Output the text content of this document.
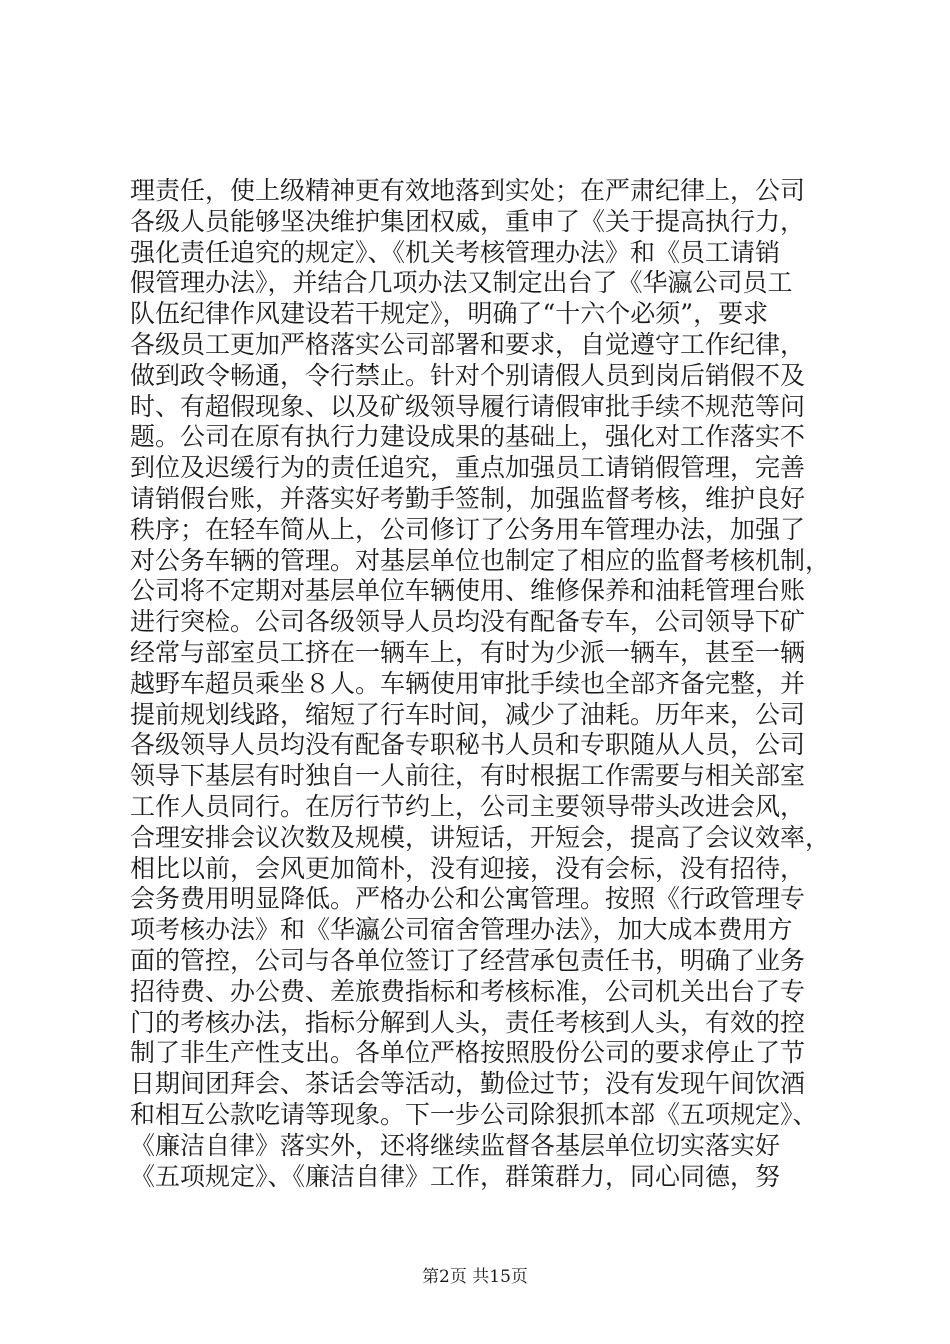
理责任，使上级精神更有效地落到实处；在严肃纪律上，公司
各级人员能够坚决维护集团权威，重申了《关于提高执行力，
强化责任追究的规定》、《机关考核管理办法》和《员工请销
假管理办法》，并结合几项办法又制定出台了《华瀛公司员工
队伍纪律作风建设若干规定》，明确了“十六个必须”，要求
各级员工更加严格落实公司部署和要求，自觉遵守工作纪律，
做到政令畅通，令行禁止。针对个别请假人员到岗后销假不及
时、有超假现象、以及矿级领导履行请假审批手续不规范等问
题。公司在原有执行力建设成果的基础上，强化对工作落实不
到位及迟缓行为的责任追究，重点加强员工请销假管理，完善
请销假台账，并落实好考勤手签制，加强监督考核，维护良好
秩序；在轻车简从上，公司修订了公务用车管理办法，加强了
对公务车辆的管理。对基层单位也制定了相应的监督考核机制，
公司将不定期对基层单位车辆使用、维修保养和油耗管理台账
进行突检。公司各级领导人员均没有配备专车，公司领导下矿
经常与部室员工挤在一辆车上，有时为少派一辆车，甚至一辆
越野车超员乘坐８人。车辆使用审批手续也全部齐备完整，并
提前规划线路，缩短了行车时间，减少了油耗。历年来，公司
各级领导人员均没有配备专职秘书人员和专职随从人员，公司
领导下基层有时独自一人前往，有时根据工作需要与相关部室
工作人员同行。在厉行节约上，公司主要领导带头改进会风，
合理安排会议次数及规模，讲短话，开短会，提高了会议效率，
相比以前，会风更加简朴，没有迎接，没有会标，没有招待，
会务费用明显降低。严格办公和公寓管理。按照《行政管理专
项考核办法》和《华瀛公司宿舍管理办法》，加大成本费用方
面的管控，公司与各单位签订了经营承包责任书，明确了业务
招待费、办公费、差旅费指标和考核标准，公司机关出台了专
门的考核办法，指标分解到人头，责任考核到人头，有效的控
制了非生产性支出。各单位严格按照股份公司的要求停止了节
日期间团拜会、茶话会等活动，勤俭过节；没有发现午间饮酒
和相互公款吃请等现象。下一步公司除狠抓本部《五项规定》、
《廉洁自律》落实外，还将继续监督各基层单位切实落实好
《五项规定》、《廉洁自律》工作，群策群力，同心同德，努
第2页 共15页
